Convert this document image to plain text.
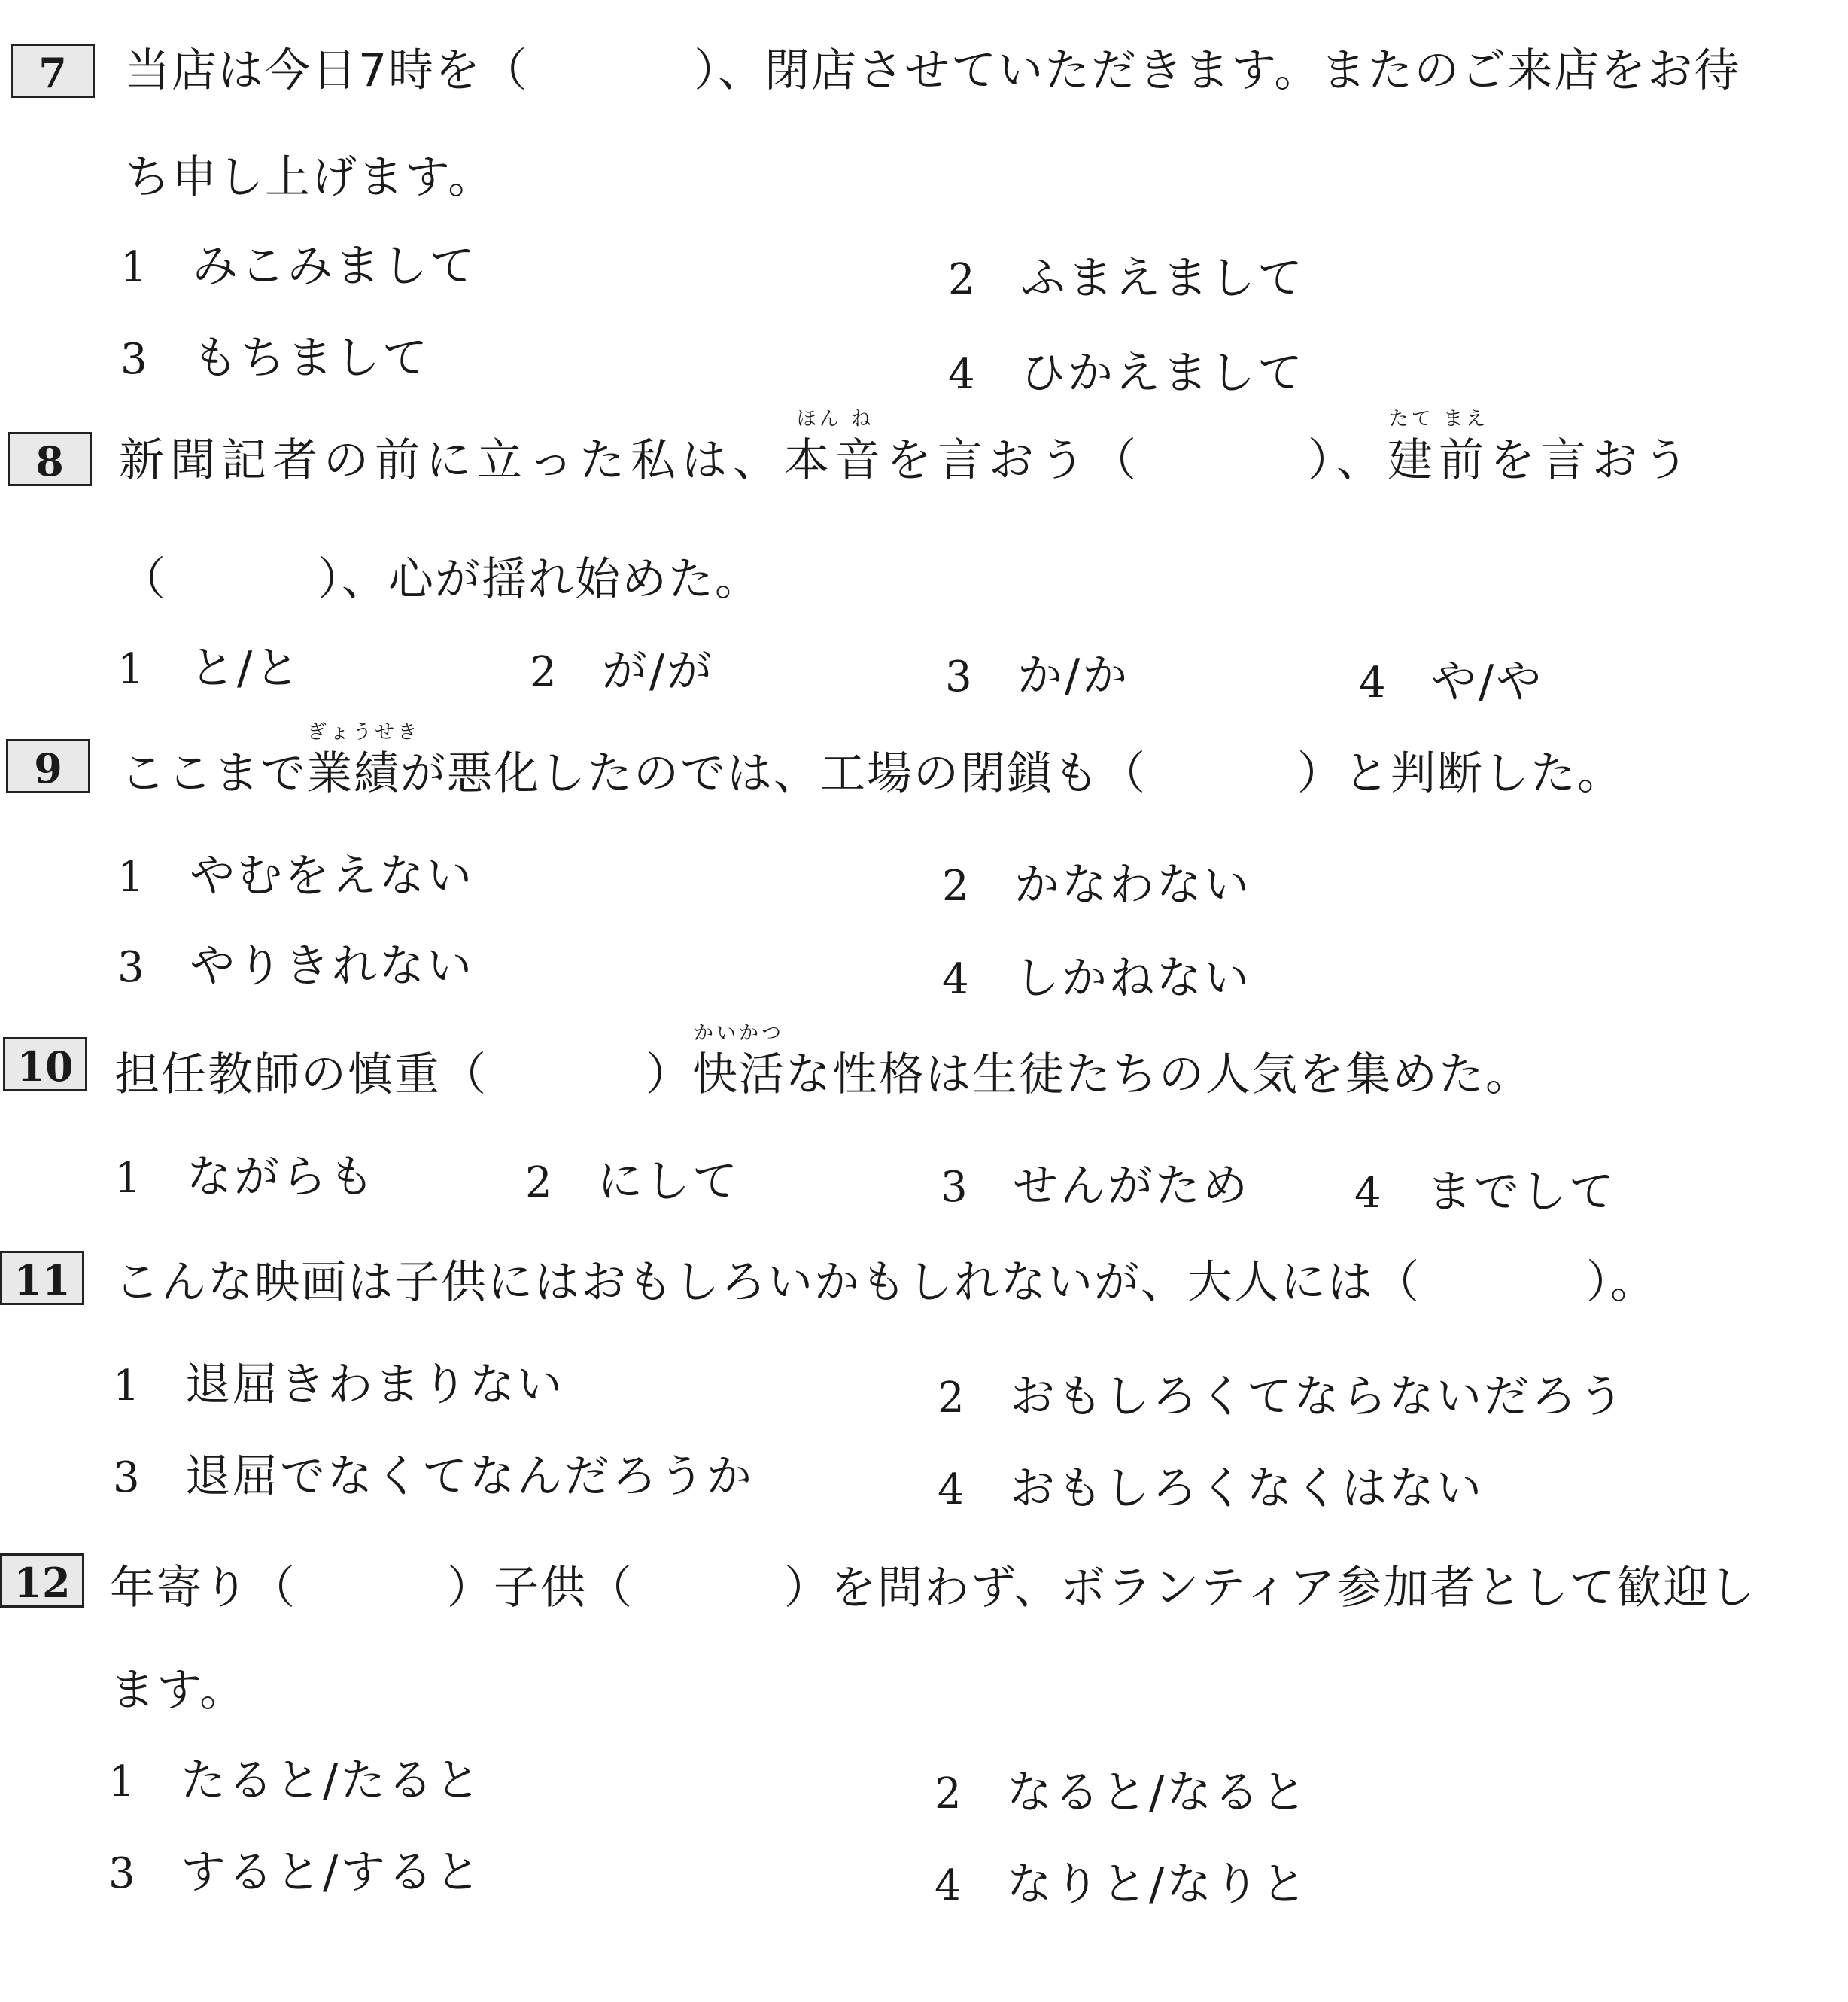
7	当店は今日7時を（	）、閉店させていただきます。またのご来店をお待
ち申し上げます。
1 みこみまして	2 ふまえまして
3 もちまして	4 ひかえまして
8	新聞記者の前に立った私は、
ほん ね
本音を言おう（	）、
たて まえ
建前を言おう
（	）、心が揺れ始めた。
1 と/と	2 が/が	3 か/か	4 や/や
9	ここまで
ぎょうせき
業績が悪化したのでは、工場の閉鎖も（	）と判断した。
1 やむをえない	2 かなわない
3 やりきれない	4 しかねない
10 担任教師の慎重（	）
かいかつ
快活な性格は生徒たちの人気を集めた。
1 ながらも	2 にして	3 せんがため 4 までして
11 こんな映画は子供にはおもしろいかもしれないが、大人には（	）。
1 退屈きわまりない	2 おもしろくてならないだろう
3 退屈でなくてなんだろうか	4 おもしろくなくはない
12 年寄り（	）子供（	）を問わず、ボランティア参加者として歓迎し
ます。
1 たると/たると	2 なると/なると
3 すると/すると	4 なりと/なりと
